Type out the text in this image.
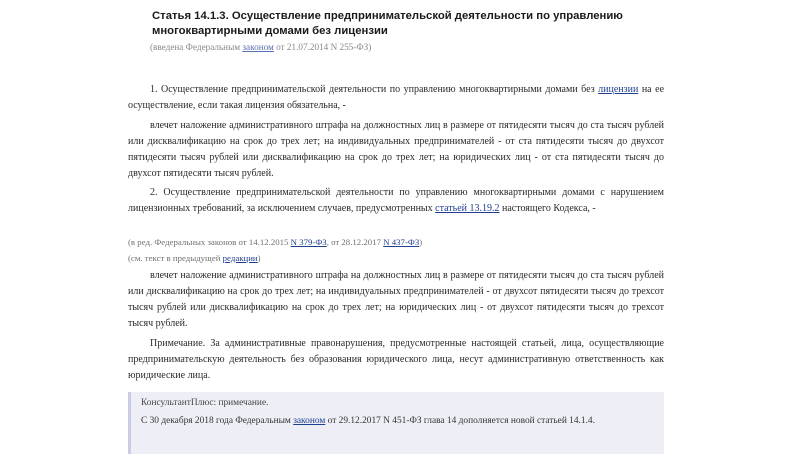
Статья 14.1.3. Осуществление предпринимательской деятельности по управлению многоквартирными домами без лицензии
(введена Федеральным законом от 21.07.2014 N 255-ФЗ)
1. Осуществление предпринимательской деятельности по управлению многоквартирными домами без лицензии на ее осуществление, если такая лицензия обязательна, -
влечет наложение административного штрафа на должностных лиц в размере от пятидесяти тысяч до ста тысяч рублей или дисквалификацию на срок до трех лет; на индивидуальных предпринимателей - от ста пятидесяти тысяч до двухсот пятидесяти тысяч рублей или дисквалификацию на срок до трех лет; на юридических лиц - от ста пятидесяти тысяч до двухсот пятидесяти тысяч рублей.
2. Осуществление предпринимательской деятельности по управлению многоквартирными домами с нарушением лицензионных требований, за исключением случаев, предусмотренных статьей 13.19.2 настоящего Кодекса, -
(в ред. Федеральных законов от 14.12.2015 N 379-ФЗ, от 28.12.2017 N 437-ФЗ)
(см. текст в предыдущей редакции)
влечет наложение административного штрафа на должностных лиц в размере от пятидесяти тысяч до ста тысяч рублей или дисквалификацию на срок до трех лет; на индивидуальных предпринимателей - от двухсот пятидесяти тысяч до трехсот тысяч рублей или дисквалификацию на срок до трех лет; на юридических лиц - от двухсот пятидесяти тысяч до трехсот тысяч рублей.
Примечание. За административные правонарушения, предусмотренные настоящей статьей, лица, осуществляющие предпринимательскую деятельность без образования юридического лица, несут административную ответственность как юридические лица.
КонсультантПлюс: примечание.
С 30 декабря 2018 года Федеральным законом от 29.12.2017 N 451-ФЗ глава 14 дополняется новой статьей 14.1.4.
